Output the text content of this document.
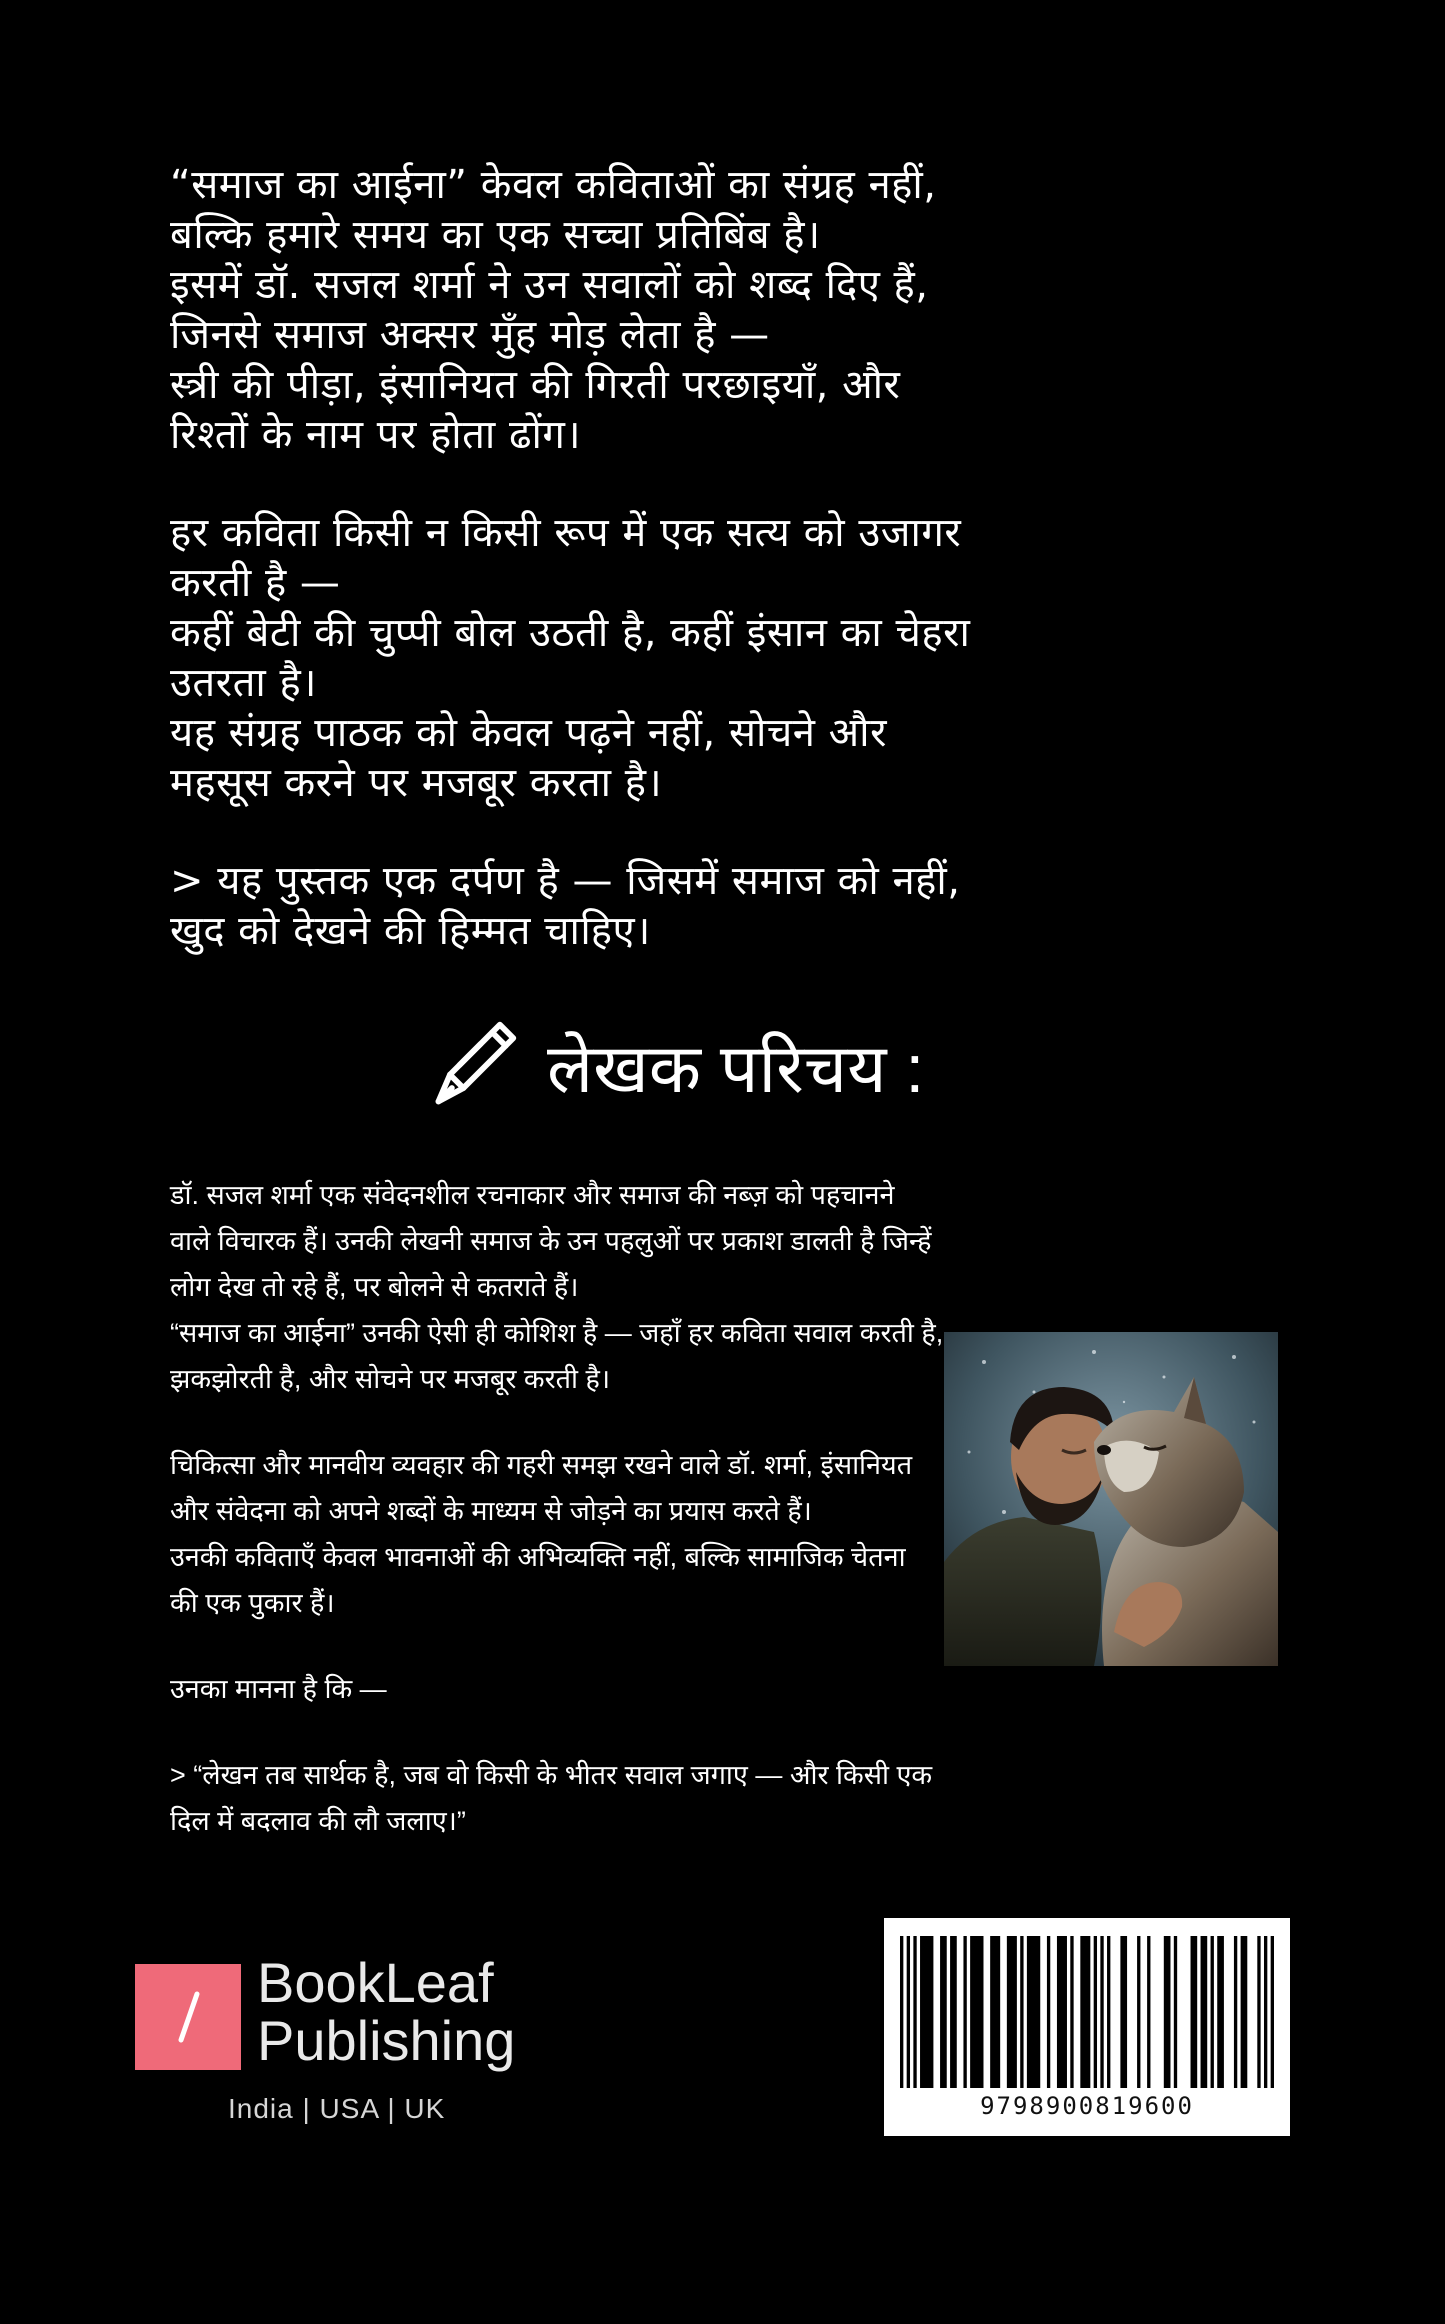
“समाज का आईना” केवल कविताओं का संग्रह नहीं,
बल्कि हमारे समय का एक सच्चा प्रतिबिंब है।
इसमें डॉ. सजल शर्मा ने उन सवालों को शब्द दिए हैं,
जिनसे समाज अक्सर मुँह मोड़ लेता है —
स्त्री की पीड़ा, इंसानियत की गिरती परछाइयाँ, और
रिश्तों के नाम पर होता ढोंग।

हर कविता किसी न किसी रूप में एक सत्य को उजागर
करती है —
कहीं बेटी की चुप्पी बोल उठती है, कहीं इंसान का चेहरा
उतरता है।
यह संग्रह पाठक को केवल पढ़ने नहीं, सोचने और
महसूस करने पर मजबूर करता है।

> यह पुस्तक एक दर्पण है — जिसमें समाज को नहीं,
खुद को देखने की हिम्मत चाहिए।

लेखक परिचय :

डॉ. सजल शर्मा एक संवेदनशील रचनाकार और समाज की नब्ज़ को पहचानने
वाले विचारक हैं। उनकी लेखनी समाज के उन पहलुओं पर प्रकाश डालती है जिन्हें
लोग देख तो रहे हैं, पर बोलने से कतराते हैं।
“समाज का आईना” उनकी ऐसी ही कोशिश है — जहाँ हर कविता सवाल करती है,
झकझोरती है, और सोचने पर मजबूर करती है।

चिकित्सा और मानवीय व्यवहार की गहरी समझ रखने वाले डॉ. शर्मा, इंसानियत
और संवेदना को अपने शब्दों के माध्यम से जोड़ने का प्रयास करते हैं।
उनकी कविताएँ केवल भावनाओं की अभिव्यक्ति नहीं, बल्कि सामाजिक चेतना
की एक पुकार हैं।

उनका मानना है कि —

> “लेखन तब सार्थक है, जब वो किसी के भीतर सवाल जगाए — और किसी एक
दिल में बदलाव की लौ जलाए।”

BookLeaf
Publishing
India | USA | UK	9798900819600
